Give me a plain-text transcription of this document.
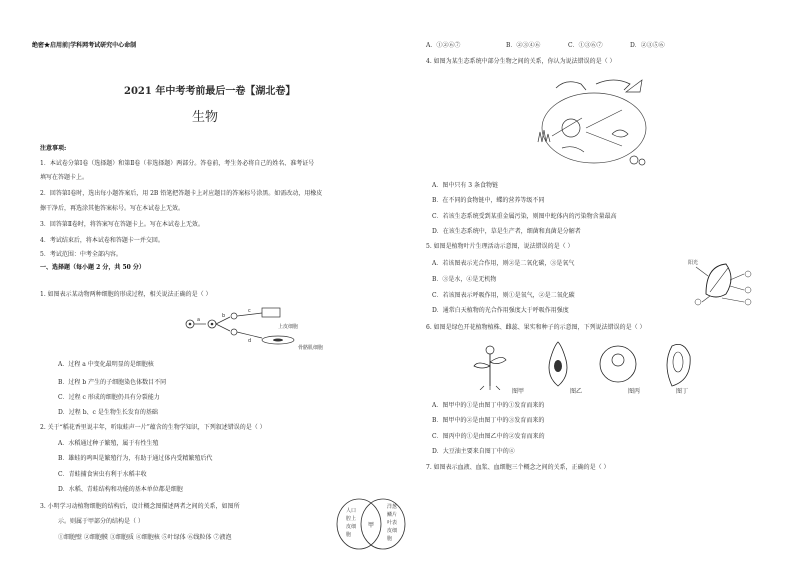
绝密★启用前|学科网考试研究中心命制
2021 年中考考前最后一卷【湖北卷】
生物
注意事项:
1．本试卷分第Ⅰ卷（选择题）和第Ⅱ卷（非选择题）两部分。答卷前，考生务必将自己的姓名、准考证号
填写在答题卡上。
2．回答第Ⅰ卷时，选出每小题答案后，用 2B 铅笔把答题卡上对应题目的答案标号涂黑。如需改动，用橡皮
擦干净后，再选涂其他答案标号。写在本试卷上无效。
3．回答第Ⅱ卷时，将答案写在答题卡上。写在本试卷上无效。
4．考试结束后，将本试卷和答题卡一并交回。
5．考试范围：中考全部内容。
一、选择题（每小题 2 分，共 50 分）
1. 如图表示某动物两种细胞的形成过程，相关说法正确的是（ ）
a
b
c
d
上皮细胞
骨骼肌细胞
A．过程 a 中变化最明显的是细胞核
B．过程 b 产生的子细胞染色体数目不同
C．过程 c 形成的细胞仍具有分裂能力
D．过程 b、c 是生物生长发育的基础
2. 关于“稻花香里说丰年，听取蛙声一片”蕴含的生物学知识，下列叙述错误的是（ ）
A．水稻通过种子繁殖，属于有性生殖
B．雄蛙的鸣叫是繁殖行为，有助于通过体内受精繁殖后代
C．青蛙捕食害虫有利于水稻丰收
D．水稻、青蛙结构和功能的基本单位都是细胞
3. 小明学习动植物细胞的结构后，设计概念图描述两者之间的关系，如图所
示。则属于甲部分的结构是（ ）
①细胞壁 ②细胞膜 ③细胞质 ④细胞核 ⑤叶绿体 ⑥线粒体 ⑦液泡
人口
腔上
皮细
胞
甲
洋葱
鳞片
叶表
皮细
胞
A．①②⑥⑦	B．②③④⑥	C．①③⑥⑦	D．②③⑤⑥
4. 如图为某生态系统中部分生物之间的关系，你认为说法错误的是（ ）
A．图中只有 3 条食物链
B．在不同的食物链中，蝶的营养等级不同
C．若该生态系统受到某重金属污染，则图中蛇体内的污染物含量最高
D．在该生态系统中，草是生产者，细菌和真菌是分解者
5. 如图是植物叶片生理活动示意图，说法错误的是（ ）
A．若该图表示光合作用，则②是二氧化碳，③是氧气
B．③是水，④是无机物
C．若该图表示呼吸作用，则①是氧气，②是二氧化碳
D．通常白天植物的光合作用强度大于呼吸作用强度
阳光
6. 如图是绿色开花植物植株、雌蕊、果实和种子的示意图，下列说法错误的是（ ）
图甲	图乙	图丙	图丁
A．图甲中的①是由图丁中的①发育而来的
B．图甲中的②是由图丁中的③发育而来的
C．图丙中的①是由图乙中的②发育而来的
D．大豆油主要来自图丁中的④
7. 如图表示血液、血浆、血细胞三个概念之间的关系，正确的是（ ）
